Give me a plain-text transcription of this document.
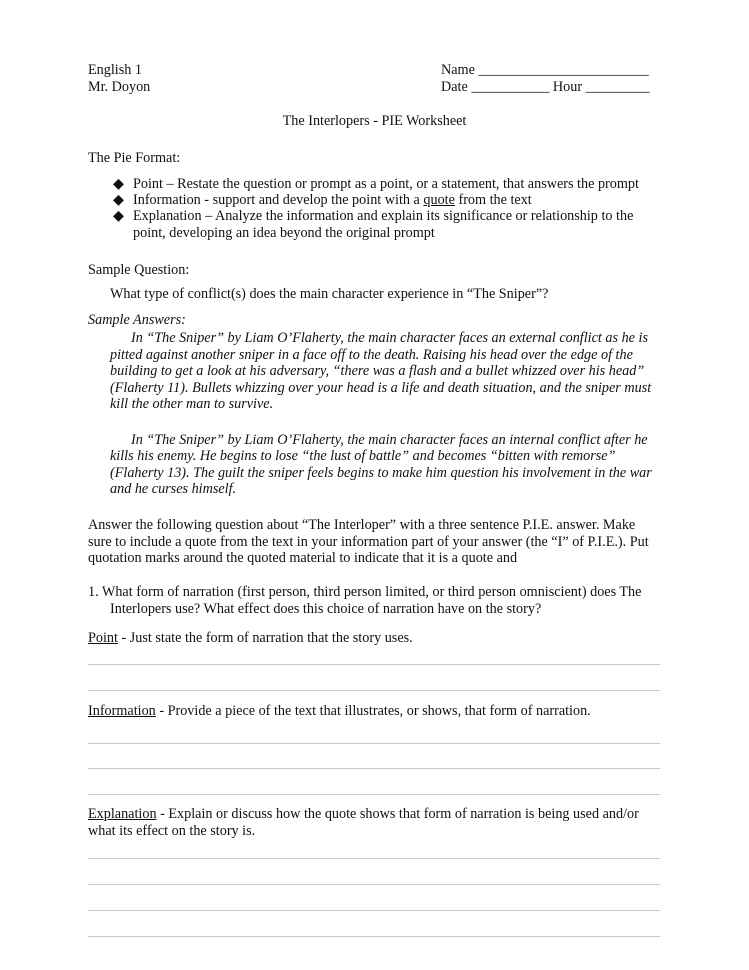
English 1
Mr. Doyon
Name ________________________
Date ___________ Hour _________
The Interlopers - PIE Worksheet
The Pie Format:
◆ Point – Restate the question or prompt as a point, or a statement, that answers the prompt
◆ Information - support and develop the point with a quote from the text
◆ Explanation – Analyze the information and explain its significance or relationship to the
point, developing an idea beyond the original prompt
Sample Question:
What type of conflict(s) does the main character experience in “The Sniper”?
Sample Answers:
In “The Sniper” by Liam O’Flaherty, the main character faces an external conflict as he is
pitted against another sniper in a face off to the death. Raising his head over the edge of the
building to get a look at his adversary, “there was a flash and a bullet whizzed over his head”
(Flaherty 11). Bullets whizzing over your head is a life and death situation, and the sniper must
kill the other man to survive.
In “The Sniper” by Liam O’Flaherty, the main character faces an internal conflict after he
kills his enemy. He begins to lose “the lust of battle” and becomes “bitten with remorse”
(Flaherty 13). The guilt the sniper feels begins to make him question his involvement in the war
and he curses himself.
Answer the following question about “The Interloper” with a three sentence P.I.E. answer. Make
sure to include a quote from the text in your information part of your answer (the “I” of P.I.E.). Put
quotation marks around the quoted material to indicate that it is a quote and
1. What form of narration (first person, third person limited, or third person omniscient) does The
Interlopers use? What effect does this choice of narration have on the story?
Point - Just state the form of narration that the story uses.
Information - Provide a piece of the text that illustrates, or shows, that form of narration.
Explanation - Explain or discuss how the quote shows that form of narration is being used and/or
what its effect on the story is.
